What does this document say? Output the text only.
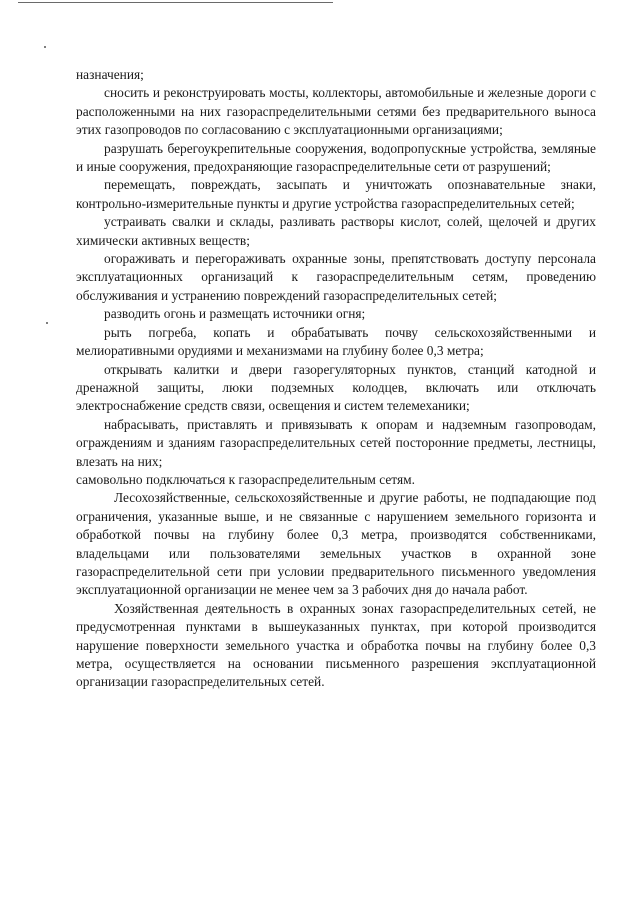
назначения;

сносить и реконструировать мосты, коллекторы, автомобильные и железные дороги с расположенными на них газораспределительными сетями без предварительного выноса этих газопроводов по согласованию с эксплуатационными организациями;

разрушать берегоукрепительные сооружения, водопропускные устройства, земляные и иные сооружения, предохраняющие газораспределительные сети от разрушений;

перемещать, повреждать, засыпать и уничтожать опознавательные знаки, контрольно-измерительные пункты и другие устройства газораспределительных сетей;

устраивать свалки и склады, разливать растворы кислот, солей, щелочей и других химически активных веществ;

огораживать и перегораживать охранные зоны, препятствовать доступу персонала эксплуатационных организаций к газораспределительным сетям, проведению обслуживания и устранению повреждений газораспределительных сетей;

разводить огонь и размещать источники огня;

рыть погреба, копать и обрабатывать почву сельскохозяйственными и мелиоративными орудиями и механизмами на глубину более 0,3 метра;

открывать калитки и двери газорегуляторных пунктов, станций катодной и дренажной защиты, люки подземных колодцев, включать или отключать электроснабжение средств связи, освещения и систем телемеханики;

набрасывать, приставлять и привязывать к опорам и надземным газопроводам, ограждениям и зданиям газораспределительных сетей посторонние предметы, лестницы, влезать на них;

самовольно подключаться к газораспределительным сетям.

Лесохозяйственные, сельскохозяйственные и другие работы, не подпадающие под ограничения, указанные выше, и не связанные с нарушением земельного горизонта и обработкой почвы на глубину более 0,3 метра, производятся собственниками, владельцами или пользователями земельных участков в охранной зоне газораспределительной сети при условии предварительного письменного уведомления эксплуатационной организации не менее чем за 3 рабочих дня до начала работ.

Хозяйственная деятельность в охранных зонах газораспределительных сетей, не предусмотренная пунктами в вышеуказанных пунктах, при которой производится нарушение поверхности земельного участка и обработка почвы на глубину более 0,3 метра, осуществляется на основании письменного разрешения эксплуатационной организации газораспределительных сетей.
